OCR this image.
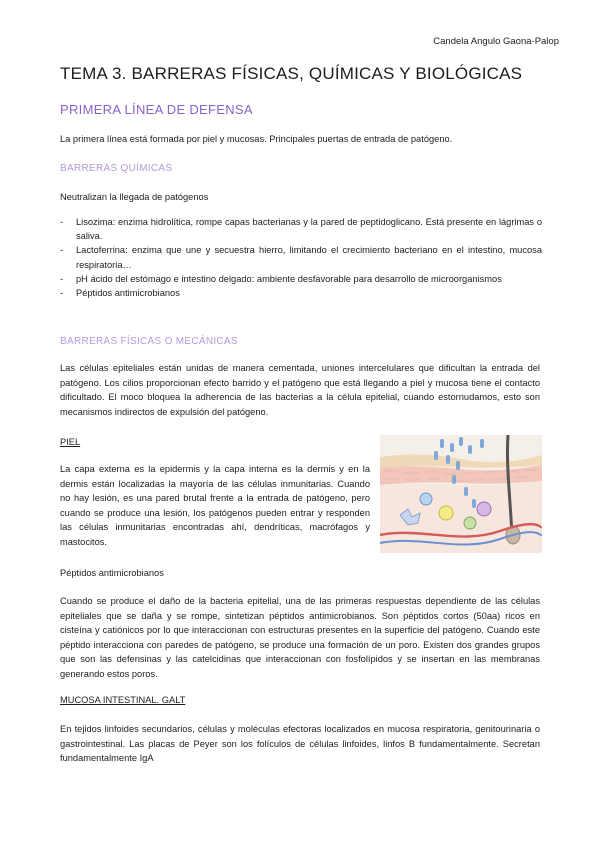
Candela Angulo Gaona-Palop
TEMA 3. BARRERAS FÍSICAS, QUÍMICAS Y BIOLÓGICAS
PRIMERA LÍNEA DE DEFENSA
La primera línea está formada por piel y mucosas. Principales puertas de entrada de patógeno.
BARRERAS QUÍMICAS
Neutralizan la llegada de patógenos
- Lisozima: enzima hidrolítica, rompe capas bacterianas y la pared de peptidoglicano. Está presente en lágrimas o saliva.
- Lactoferrina: enzima que une y secuestra hierro, limitando el crecimiento bacteriano en el intestino, mucosa respiratoria…
- pH ácido del estómago e intestino delgado: ambiente desfavorable para desarrollo de microorganismos
- Péptidos antimicrobianos
BARRERAS FÍSICAS O MECÁNICAS
Las células epiteliales están unidas de manera cementada, uniones intercelulares que dificultan la entrada del patógeno. Los cilios proporcionan efecto barrido y el patógeno que está llegando a piel y mucosa tiene el contacto dificultado. El moco bloquea la adherencia de las bacterias a la célula epitelial, cuando estornudamos, esto son mecanismos indirectos de expulsión del patógeno.
PIEL
La capa externa es la epidermis y la capa interna es la dermis y en la dermis están localizadas la mayoría de las células inmunitarias. Cuando no hay lesión, es una pared brutal frente a la entrada de patógeno, pero cuando se produce una lesión, los patógenos pueden entrar y responden las células inmunitarias encontradas ahí, dendríticas, macrófagos y mastocitos.
Péptidos antimicrobianos
Cuando se produce el daño de la bacteria epitelial, una de las primeras respuestas dependiente de las células epiteliales que se daña y se rompe, sintetizan péptidos antimicrobianos. Son péptidos cortos (50aa) ricos en cisteína y catiónicos por lo que interaccionan con estructuras presentes en la superficie del patógeno. Cuando este péptido interacciona con paredes de patógeno, se produce una formación de un poro. Existen dos grandes grupos que son las defensinas y las catelcidinas que interaccionan con fosfolípidos y se insertan en las membranas generando estos poros.
MUCOSA INTESTINAL. GALT
En tejidos linfoides secundarios, células y moléculas efectoras localizados en mucosa respiratoria, genitourinaria o gastrointestinal. Las placas de Peyer son los folículos de células linfoides, linfos B fundamentalmente. Secretan fundamentalmente IgA
